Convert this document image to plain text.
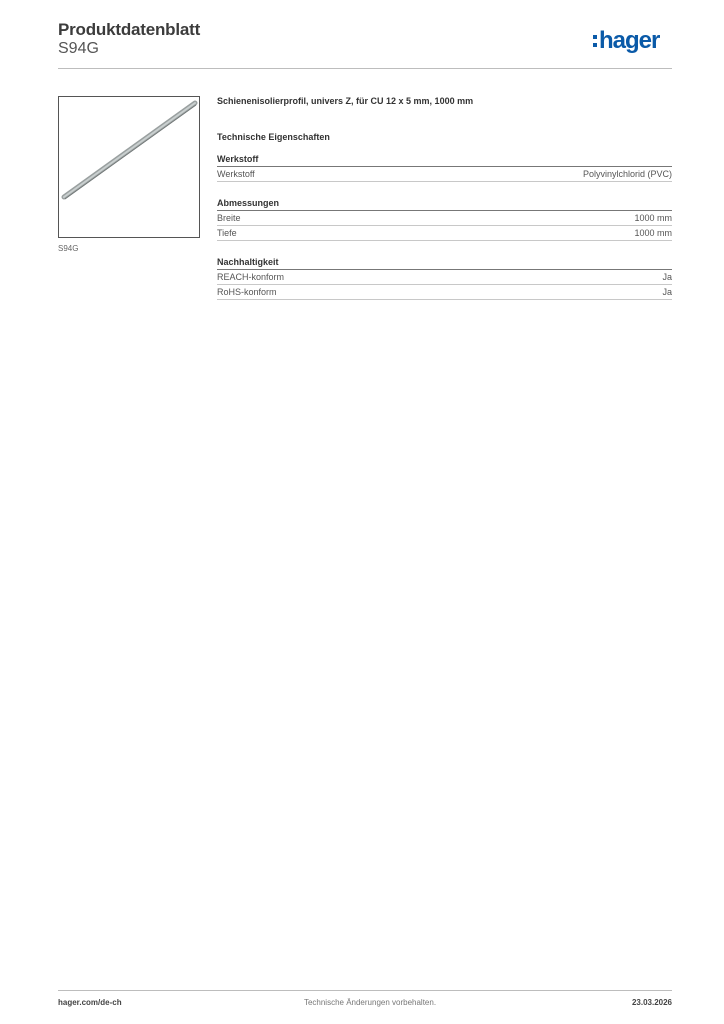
Produktdatenblatt
S94G	hager
S94G

Schienenisolierprofil, univers Z, für CU 12 x 5 mm, 1000 mm

Technische Eigenschaften
Werkstoff
Werkstoff	Polyvinylchlorid (PVC)
Abmessungen
Breite	1000 mm
Tiefe	1000 mm
Nachhaltigkeit
REACH-konform	Ja
RoHS-konform	Ja
hager.com/de-ch	Technische Änderungen vorbehalten.	23.03.2026
